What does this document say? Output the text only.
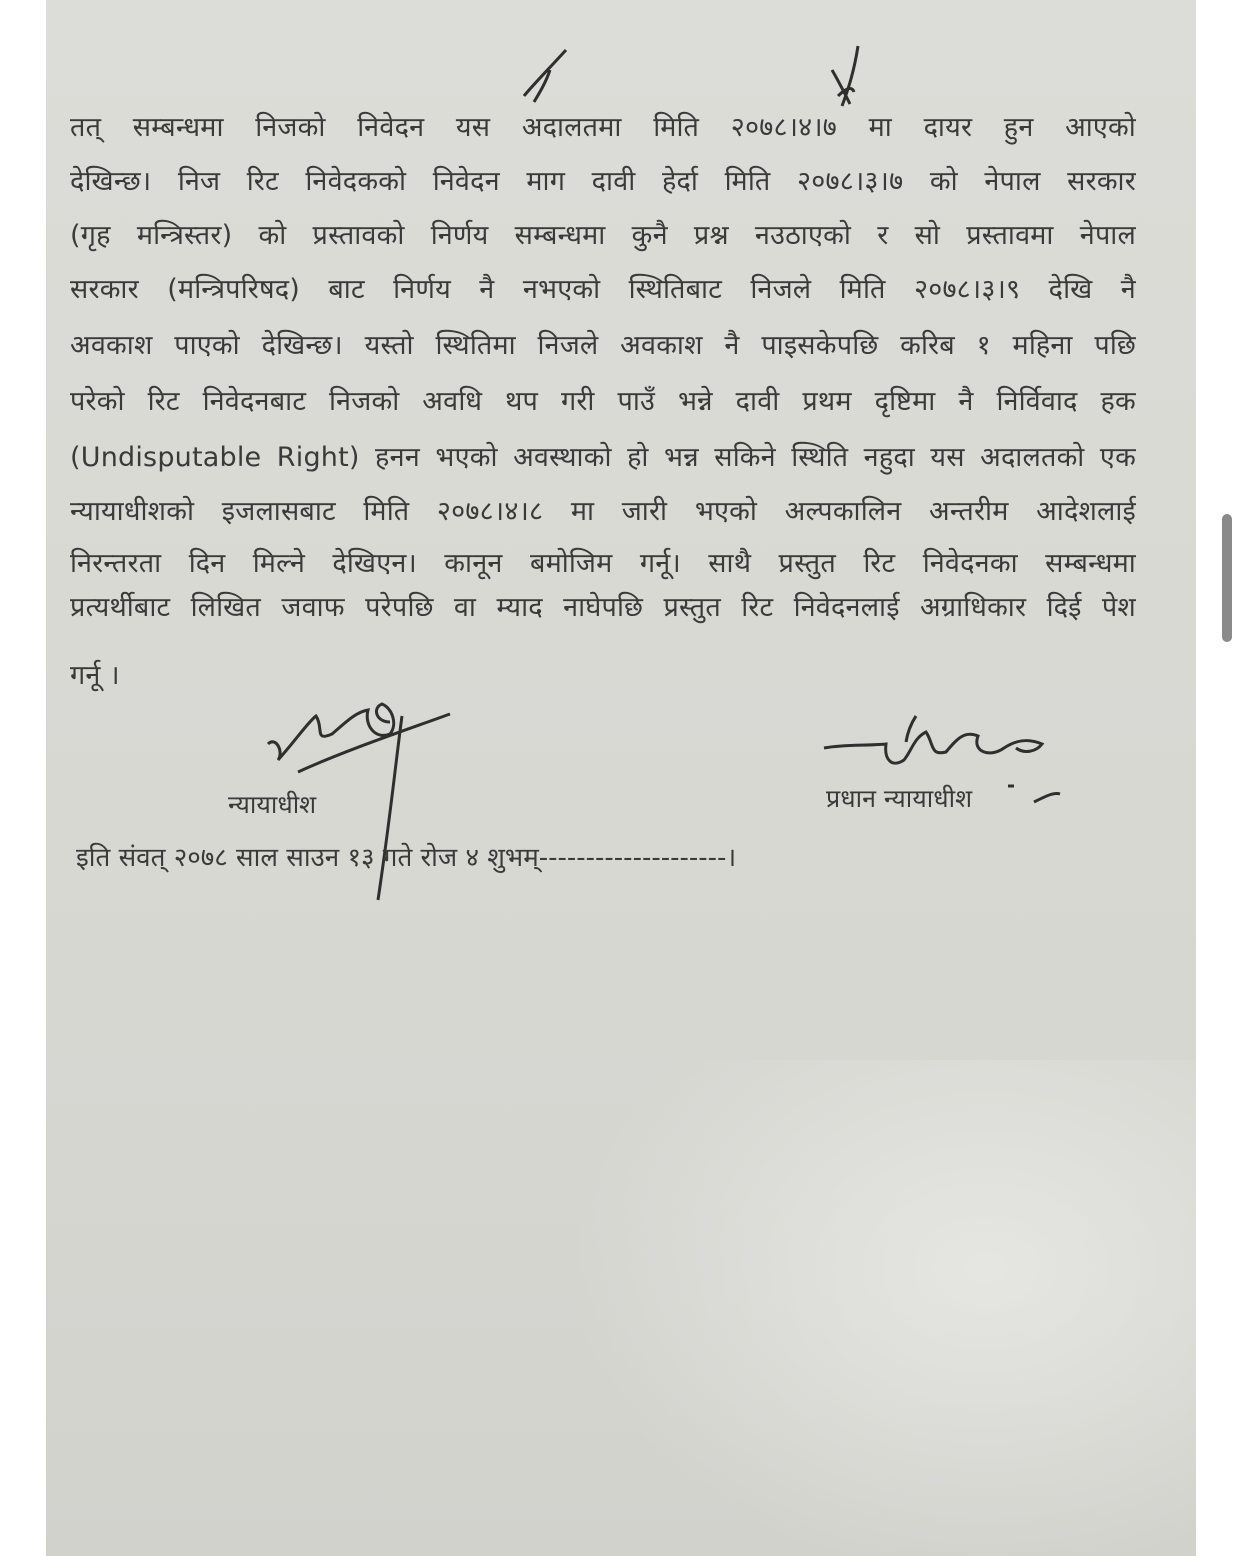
तत् सम्बन्धमा निजको निवेदन यस अदालतमा मिति २०७८।४।७ मा दायर हुन आएको
देखिन्छ। निज रिट निवेदकको निवेदन माग दावी हेर्दा मिति २०७८।३।७ को नेपाल सरकार
(गृह मन्त्रिस्तर) को प्रस्तावको निर्णय सम्बन्धमा कुनै प्रश्न नउठाएको र सो प्रस्तावमा नेपाल
सरकार (मन्त्रिपरिषद) बाट निर्णय नै नभएको स्थितिबाट निजले मिति २०७८।३।९ देखि नै
अवकाश पाएको देखिन्छ। यस्तो स्थितिमा निजले अवकाश नै पाइसकेपछि करिब १ महिना पछि
परेको रिट निवेदनबाट निजको अवधि थप गरी पाउँ भन्ने दावी प्रथम दृष्टिमा नै निर्विवाद हक
(Undisputable Right) हनन भएको अवस्थाको हो भन्न सकिने स्थिति नहुदा यस अदालतको एक
न्यायाधीशको इजलासबाट मिति २०७८।४।८ मा जारी भएको अल्पकालिन अन्तरीम आदेशलाई
निरन्तरता दिन मिल्ने देखिएन। कानून बमोजिम गर्नू। साथै प्रस्तुत रिट निवेदनका सम्बन्धमा
प्रत्यर्थीबाट लिखित जवाफ परेपछि वा म्याद नाघेपछि प्रस्तुत रिट निवेदनलाई अग्राधिकार दिई पेश
गर्नू ।
न्यायाधीश	प्रधान न्यायाधीश
इति संवत् २०७८ साल साउन १३ गते रोज ४ शुभम्--------------------।
